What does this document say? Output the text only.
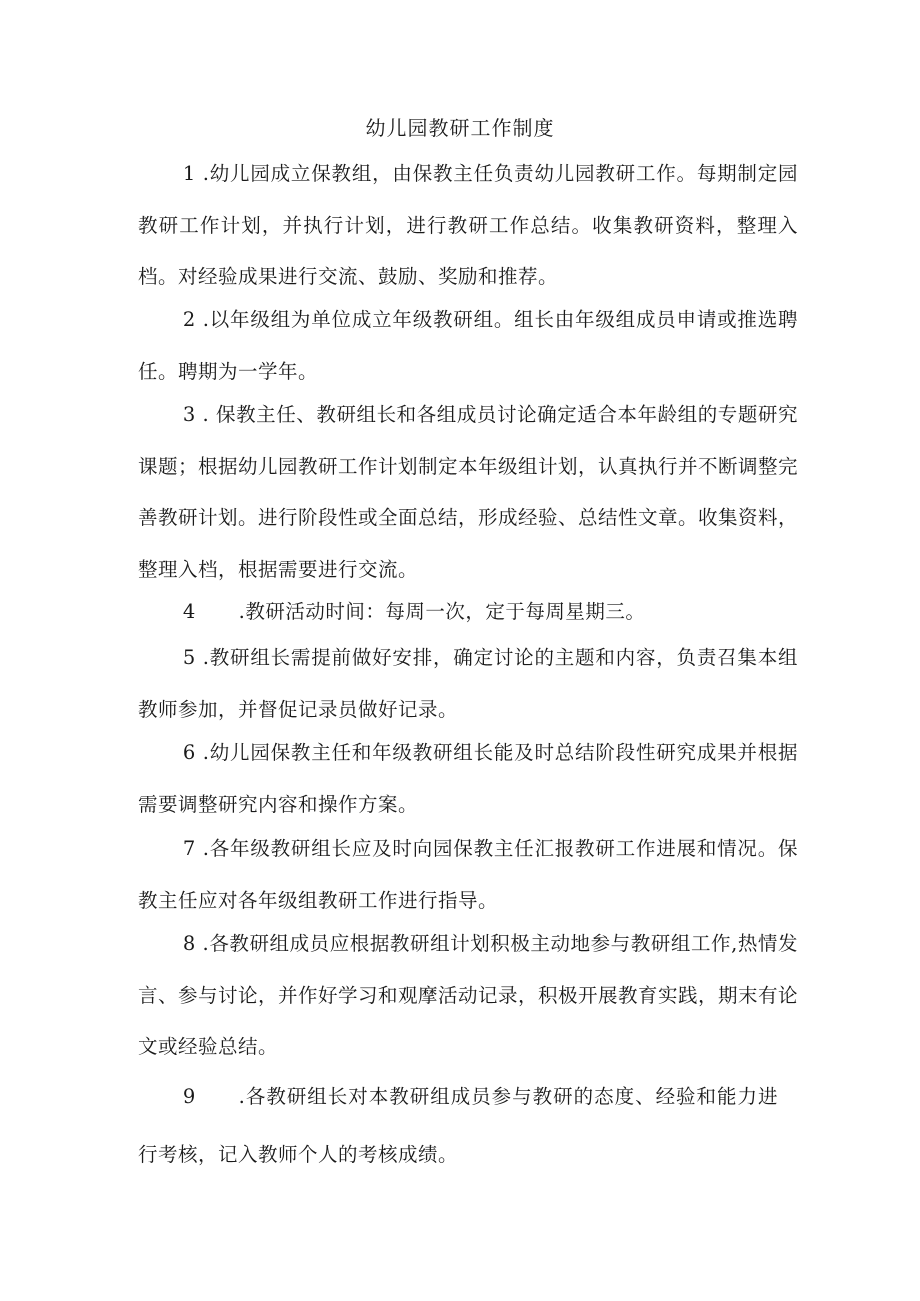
幼儿园教研工作制度

1 .幼儿园成立保教组，由保教主任负责幼儿园教研工作。每期制定园教研工作计划，并执行计划，进行教研工作总结。收集教研资料，整理入档。对经验成果进行交流、鼓励、奖励和推荐。

2 .以年级组为单位成立年级教研组。组长由年级组成员申请或推选聘任。聘期为一学年。

3 . 保教主任、教研组长和各组成员讨论确定适合本年龄组的专题研究课题；根据幼儿园教研工作计划制定本年级组计划，认真执行并不断调整完善教研计划。进行阶段性或全面总结，形成经验、总结性文章。收集资料，整理入档，根据需要进行交流。

4 .教研活动时间：每周一次，定于每周星期三。

5 .教研组长需提前做好安排，确定讨论的主题和内容，负责召集本组教师参加，并督促记录员做好记录。

6 .幼儿园保教主任和年级教研组长能及时总结阶段性研究成果并根据需要调整研究内容和操作方案。

7 .各年级教研组长应及时向园保教主任汇报教研工作进展和情况。保教主任应对各年级组教研工作进行指导。

8 .各教研组成员应根据教研组计划积极主动地参与教研组工作,热情发言、参与讨论，并作好学习和观摩活动记录，积极开展教育实践，期末有论文或经验总结。

9 .各教研组长对本教研组成员参与教研的态度、经验和能力进行考核，记入教师个人的考核成绩。
